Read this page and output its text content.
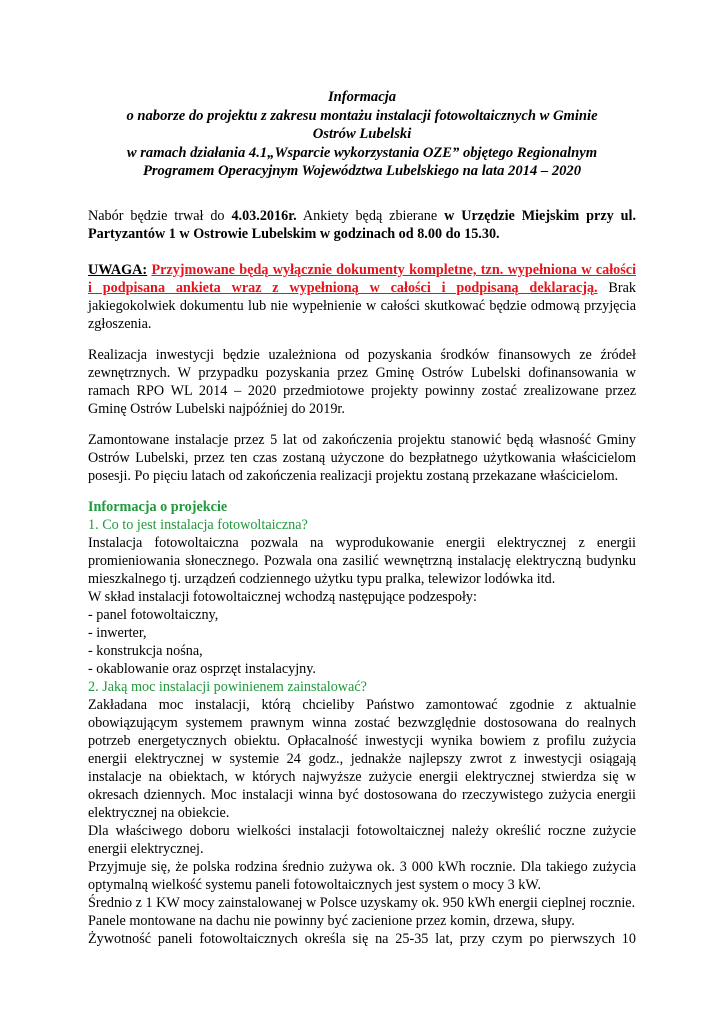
Informacja
o naborze do projektu z zakresu montażu instalacji fotowoltaicznych w Gminie
Ostrów Lubelski
w ramach działania 4.1„Wsparcie wykorzystania OZE” objętego Regionalnym
Programem Operacyjnym Województwa Lubelskiego na lata 2014 – 2020

Nabór będzie trwał do 4.03.2016r. Ankiety będą zbierane w Urzędzie Miejskim przy ul. Partyzantów 1 w Ostrowie Lubelskim w godzinach od 8.00 do 15.30.

UWAGA: Przyjmowane będą wyłącznie dokumenty kompletne, tzn. wypełniona w całości i podpisana ankieta wraz z wypełnioną w całości i podpisaną deklaracją. Brak jakiegokolwiek dokumentu lub nie wypełnienie w całości skutkować będzie odmową przyjęcia zgłoszenia.

Realizacja inwestycji będzie uzależniona od pozyskania środków finansowych ze źródeł zewnętrznych. W przypadku pozyskania przez Gminę Ostrów Lubelski dofinansowania w ramach RPO WL 2014 – 2020 przedmiotowe projekty powinny zostać zrealizowane przez Gminę Ostrów Lubelski najpóźniej do 2019r.

Zamontowane instalacje przez 5 lat od zakończenia projektu stanowić będą własność Gminy Ostrów Lubelski, przez ten czas zostaną użyczone do bezpłatnego użytkowania właścicielom posesji. Po pięciu latach od zakończenia realizacji projektu zostaną przekazane właścicielom.

Informacja o projekcie
1. Co to jest instalacja fotowoltaiczna?
Instalacja fotowoltaiczna pozwala na wyprodukowanie energii elektrycznej z energii promieniowania słonecznego. Pozwala ona zasilić wewnętrzną instalację elektryczną budynku mieszkalnego tj. urządzeń codziennego użytku typu pralka, telewizor lodówka itd.
W skład instalacji fotowoltaicznej wchodzą następujące podzespoły:
- panel fotowoltaiczny,
- inwerter,
- konstrukcja nośna,
- okablowanie oraz osprzęt instalacyjny.
2. Jaką moc instalacji powinienem zainstalować?
Zakładana moc instalacji, którą chcieliby Państwo zamontować zgodnie z aktualnie obowiązującym systemem prawnym winna zostać bezwzględnie dostosowana do realnych potrzeb energetycznych obiektu. Opłacalność inwestycji wynika bowiem z profilu zużycia energii elektrycznej w systemie 24 godz., jednakże najlepszy zwrot z inwestycji osiągają instalacje na obiektach, w których najwyższe zużycie energii elektrycznej stwierdza się w okresach dziennych. Moc instalacji winna być dostosowana do rzeczywistego zużycia energii elektrycznej na obiekcie.
Dla właściwego doboru wielkości instalacji fotowoltaicznej należy określić roczne zużycie energii elektrycznej.
Przyjmuje się, że polska rodzina średnio zużywa ok. 3 000 kWh rocznie. Dla takiego zużycia optymalną wielkość systemu paneli fotowoltaicznych jest system o mocy 3 kW.
Średnio z 1 KW mocy zainstalowanej w Polsce uzyskamy ok. 950 kWh energii cieplnej rocznie.
Panele montowane na dachu nie powinny być zacienione przez komin, drzewa, słupy.
Żywotność paneli fotowoltaicznych określa się na 25-35 lat, przy czym po pierwszych 10
